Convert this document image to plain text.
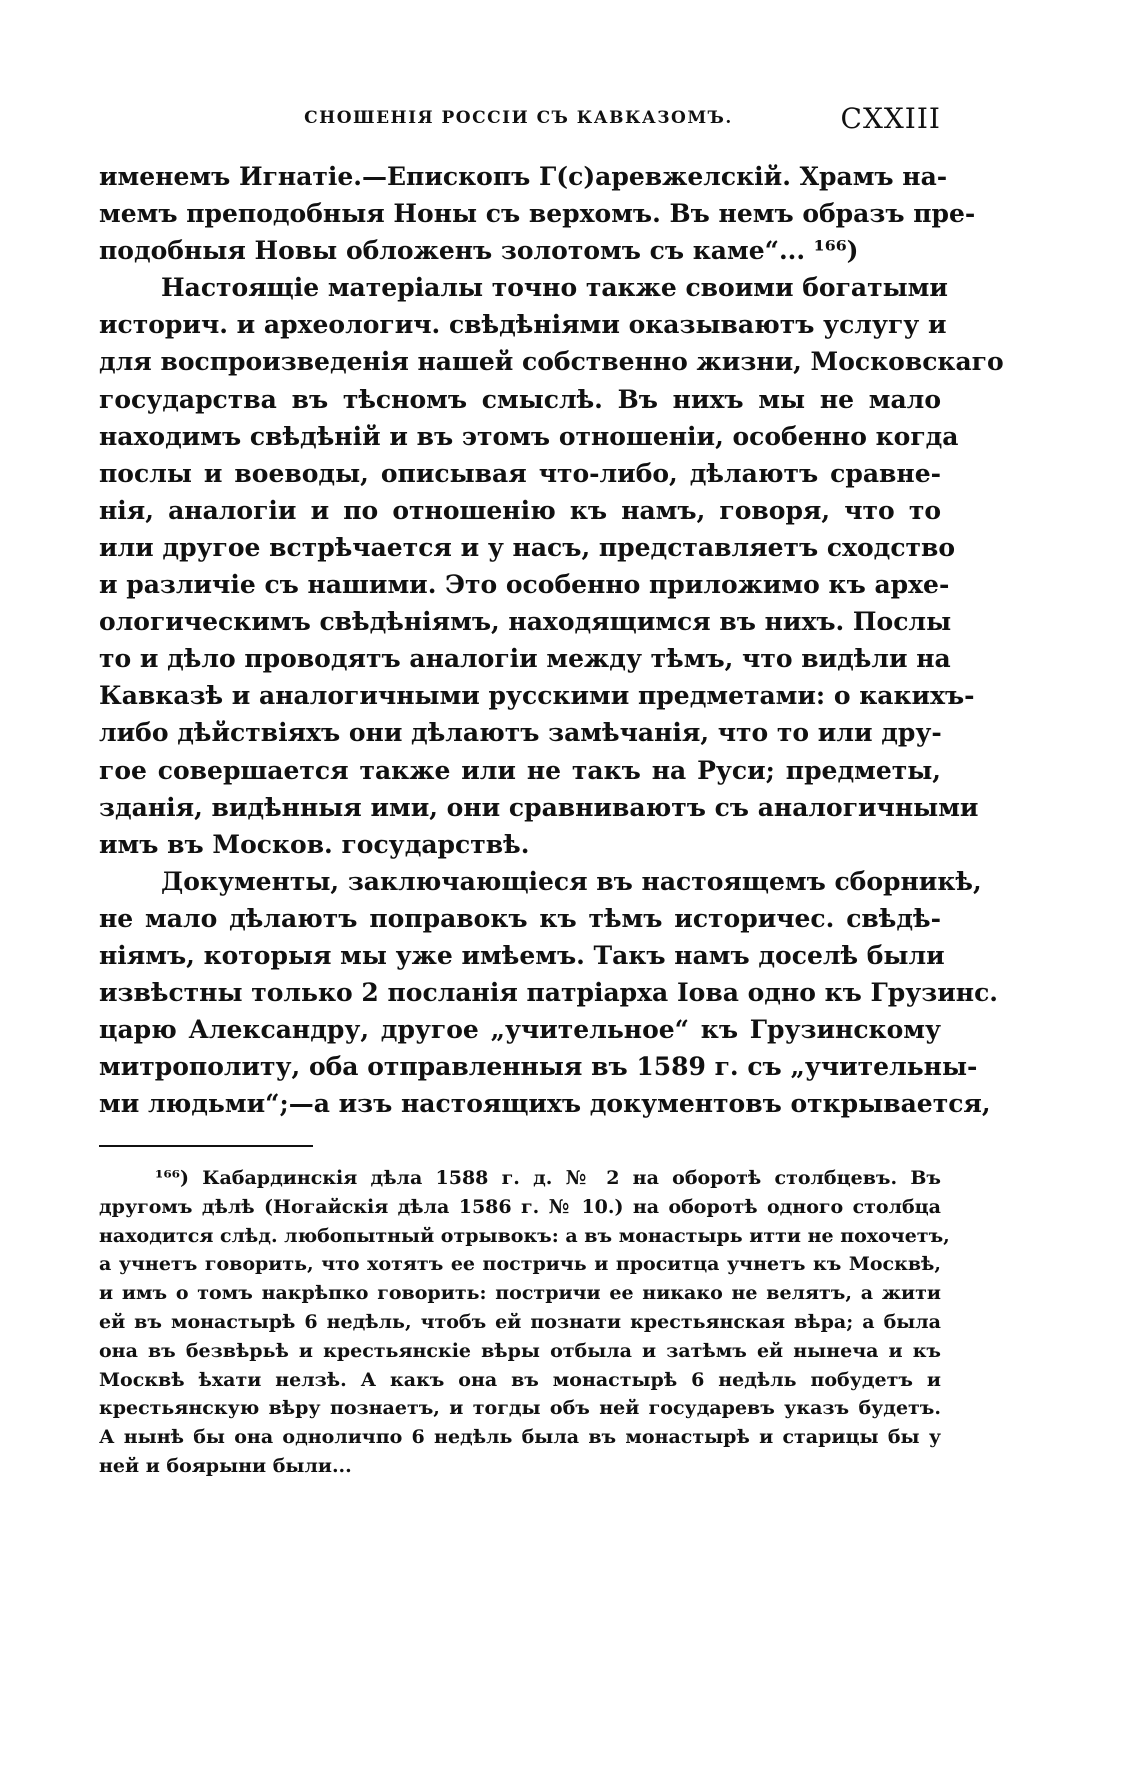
СНОШЕНІЯ РОССІИ СЪ КАВКАЗОМЪ.	CXXIII
именемъ Игнатіе.—Епископъ Г(с)аревжелскій. Храмъ на-
мемъ преподобныя Ноны съ верхомъ. Въ немъ образъ пре-
подобныя Новы обложенъ золотомъ съ каме“... ¹⁶⁶)
Настоящіе матеріалы точно также своими богатыми
историч. и археологич. свѣдѣніями оказываютъ услугу и
для воспроизведенія нашей собственно жизни, Московскаго
государства въ тѣсномъ смыслѣ. Въ нихъ мы не мало
находимъ свѣдѣній и въ этомъ отношеніи, особенно когда
послы и воеводы, описывая что-либо, дѣлаютъ сравне-
нія, аналогіи и по отношенію къ намъ, говоря, что то
или другое встрѣчается и у насъ, представляетъ сходство
и различіе съ нашими. Это особенно приложимо къ архе-
ологическимъ свѣдѣніямъ, находящимся въ нихъ. Послы
то и дѣло проводятъ аналогіи между тѣмъ, что видѣли на
Кавказѣ и аналогичными русскими предметами: о какихъ-
либо дѣйствіяхъ они дѣлаютъ замѣчанія, что то или дру-
гое совершается также или не такъ на Руси; предметы,
зданія, видѣнныя ими, они сравниваютъ съ аналогичными
имъ въ Москов. государствѣ.
Документы, заключающіеся въ настоящемъ сборникѣ,
не мало дѣлаютъ поправокъ къ тѣмъ историчес. свѣдѣ-
ніямъ, которыя мы уже имѣемъ. Такъ намъ доселѣ были
извѣстны только 2 посланія патріарха Іова одно къ Грузинс.
царю Александру, другое „учительное“ къ Грузинскому
митрополиту, оба отправленныя въ 1589 г. съ „учительны-
ми людьми“;—а изъ настоящихъ документовъ открывается,
¹⁶⁶) Кабардинскія дѣла 1588 г. д. № 2 на оборотѣ столбцевъ. Въ
другомъ дѣлѣ (Ногайскія дѣла 1586 г. № 10.) на оборотѣ одного столбца
находится слѣд. любопытный отрывокъ: а въ монастырь итти не похочетъ,
а учнетъ говорить, что хотятъ ее постричь и проситца учнетъ къ Москвѣ,
и имъ о томъ накрѣпко говорить: постричи ее никако не велятъ, а жити
ей въ монастырѣ 6 недѣль, чтобъ ей познати крестьянская вѣра; а была
она въ безвѣрьѣ и крестьянскіе вѣры отбыла и затѣмъ ей нынеча и къ
Москвѣ ѣхати нелзѣ. А какъ она въ монастырѣ 6 недѣль побудетъ и
крестьянскую вѣру познаетъ, и тогды объ ней государевъ указъ будетъ.
А нынѣ бы она одноличпо 6 недѣль была въ монастырѣ и старицы бы у
ней и боярыни были...
